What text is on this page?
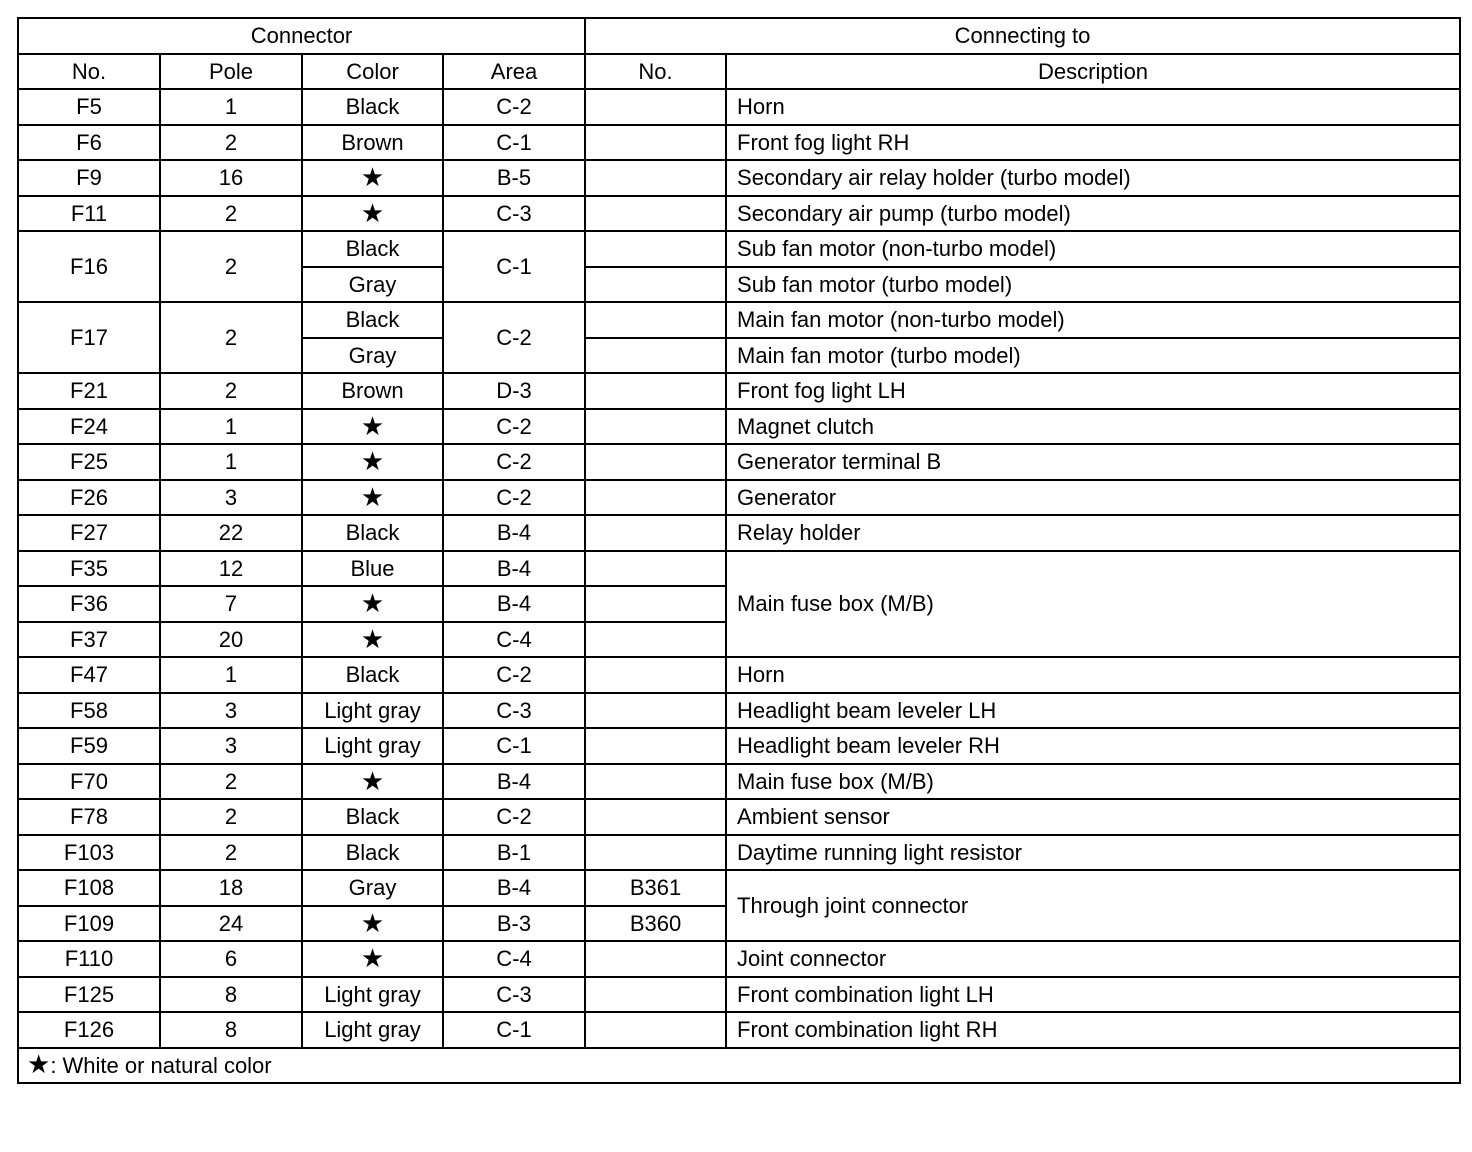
Connector				Connecting to	
No.	Pole	Color	Area	No.	Description
F5	1	Black	C-2		Horn
F6	2	Brown	C-1		Front fog light RH
F9	16	★	B-5		Secondary air relay holder (turbo model)
F11	2	★	C-3		Secondary air pump (turbo model)
F16	2	Black	C-1		Sub fan motor (non-turbo model)
		Gray			Sub fan motor (turbo model)
F17	2	Black	C-2		Main fan motor (non-turbo model)
		Gray			Main fan motor (turbo model)
F21	2	Brown	D-3		Front fog light LH
F24	1	★	C-2		Magnet clutch
F25	1	★	C-2		Generator terminal B
F26	3	★	C-2		Generator
F27	22	Black	B-4		Relay holder
F35	12	Blue	B-4		Main fuse box (M/B)
F36	7	★	B-4		
F37	20	★	C-4		
F47	1	Black	C-2		Horn
F58	3	Light gray	C-3		Headlight beam leveler LH
F59	3	Light gray	C-1		Headlight beam leveler RH
F70	2	★	B-4		Main fuse box (M/B)
F78	2	Black	C-2		Ambient sensor
F103	2	Black	B-1		Daytime running light resistor
F108	18	Gray	B-4	B361	Through joint connector
F109	24	★	B-3	B360	
F110	6	★	C-4		Joint connector
F125	8	Light gray	C-3		Front combination light LH
F126	8	Light gray	C-1		Front combination light RH
★: White or natural color					
